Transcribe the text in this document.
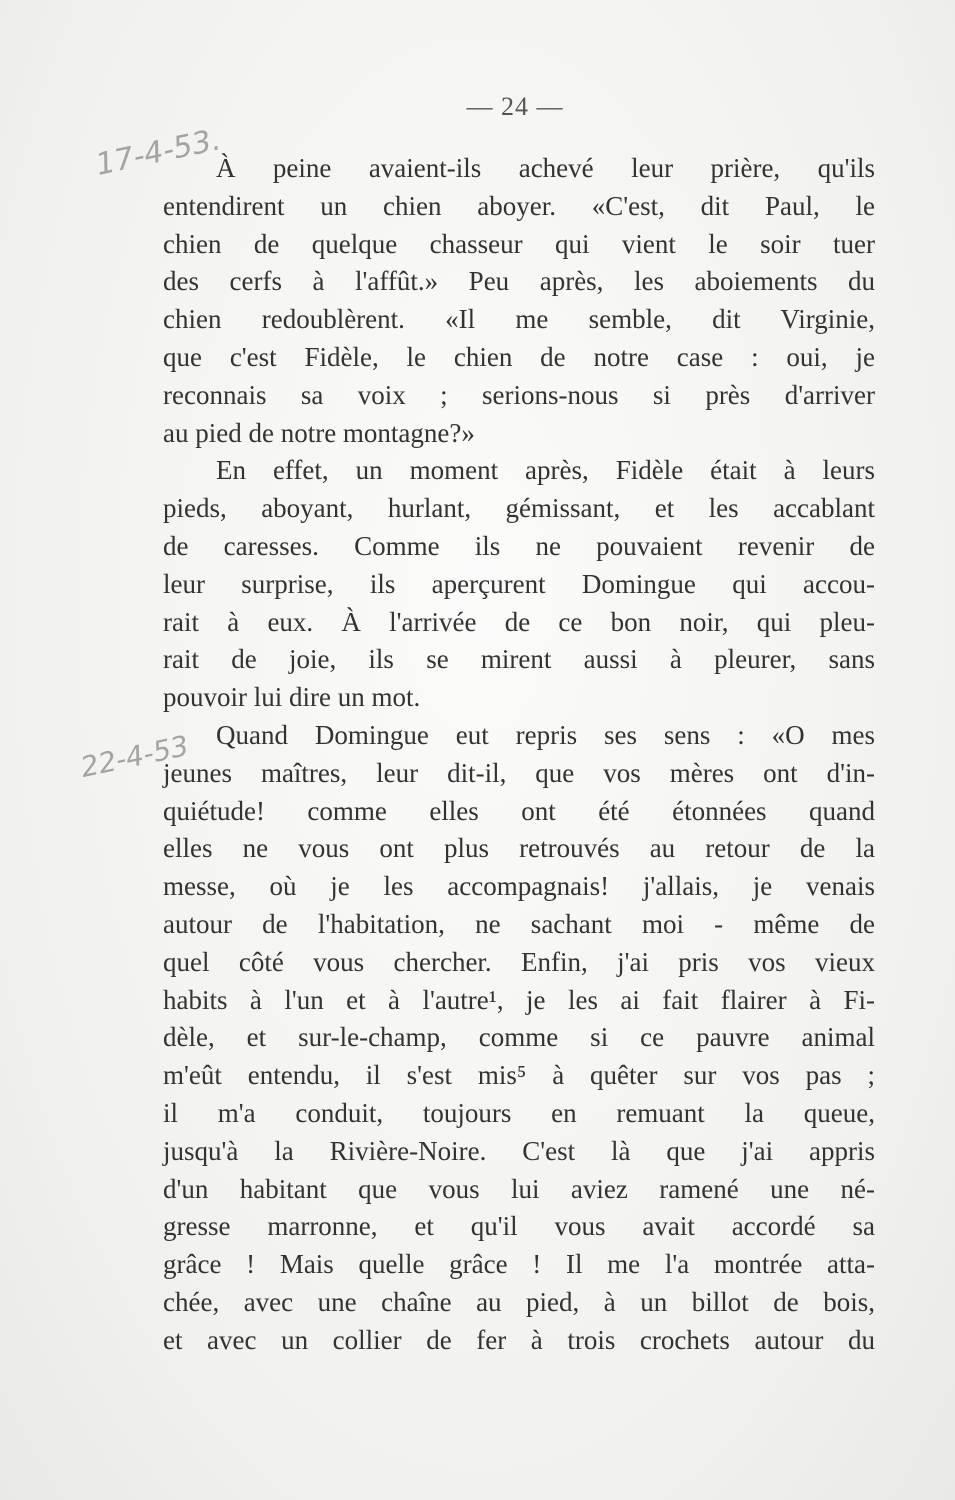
— 24 —
17-4-53.
22-4-53
À peine avaient-ils achevé leur prière, qu'ils
entendirent un chien aboyer. «C'est, dit Paul, le
chien de quelque chasseur qui vient le soir tuer
des cerfs à l'affût.» Peu après, les aboiements du
chien redoublèrent. «Il me semble, dit Virginie,
que c'est Fidèle, le chien de notre case : oui, je
reconnais sa voix ; serions-nous si près d'arriver
au pied de notre montagne?»
En effet, un moment après, Fidèle était à leurs
pieds, aboyant, hurlant, gémissant, et les accablant
de caresses. Comme ils ne pouvaient revenir de
leur surprise, ils aperçurent Domingue qui accou-
rait à eux. À l'arrivée de ce bon noir, qui pleu-
rait de joie, ils se mirent aussi à pleurer, sans
pouvoir lui dire un mot.
Quand Domingue eut repris ses sens : «O mes
jeunes maîtres, leur dit-il, que vos mères ont d'in-
quiétude! comme elles ont été étonnées quand
elles ne vous ont plus retrouvés au retour de la
messe, où je les accompagnais! j'allais, je venais
autour de l'habitation, ne sachant moi - même de
quel côté vous chercher. Enfin, j'ai pris vos vieux
habits à l'un et à l'autre¹, je les ai fait flairer à Fi-
dèle, et sur-le-champ, comme si ce pauvre animal
m'eût entendu, il s'est mis⁵ à quêter sur vos pas ;
il m'a conduit, toujours en remuant la queue,
jusqu'à la Rivière-Noire. C'est là que j'ai appris
d'un habitant que vous lui aviez ramené une né-
gresse marronne, et qu'il vous avait accordé sa
grâce ! Mais quelle grâce ! Il me l'a montrée atta-
chée, avec une chaîne au pied, à un billot de bois,
et avec un collier de fer à trois crochets autour du
